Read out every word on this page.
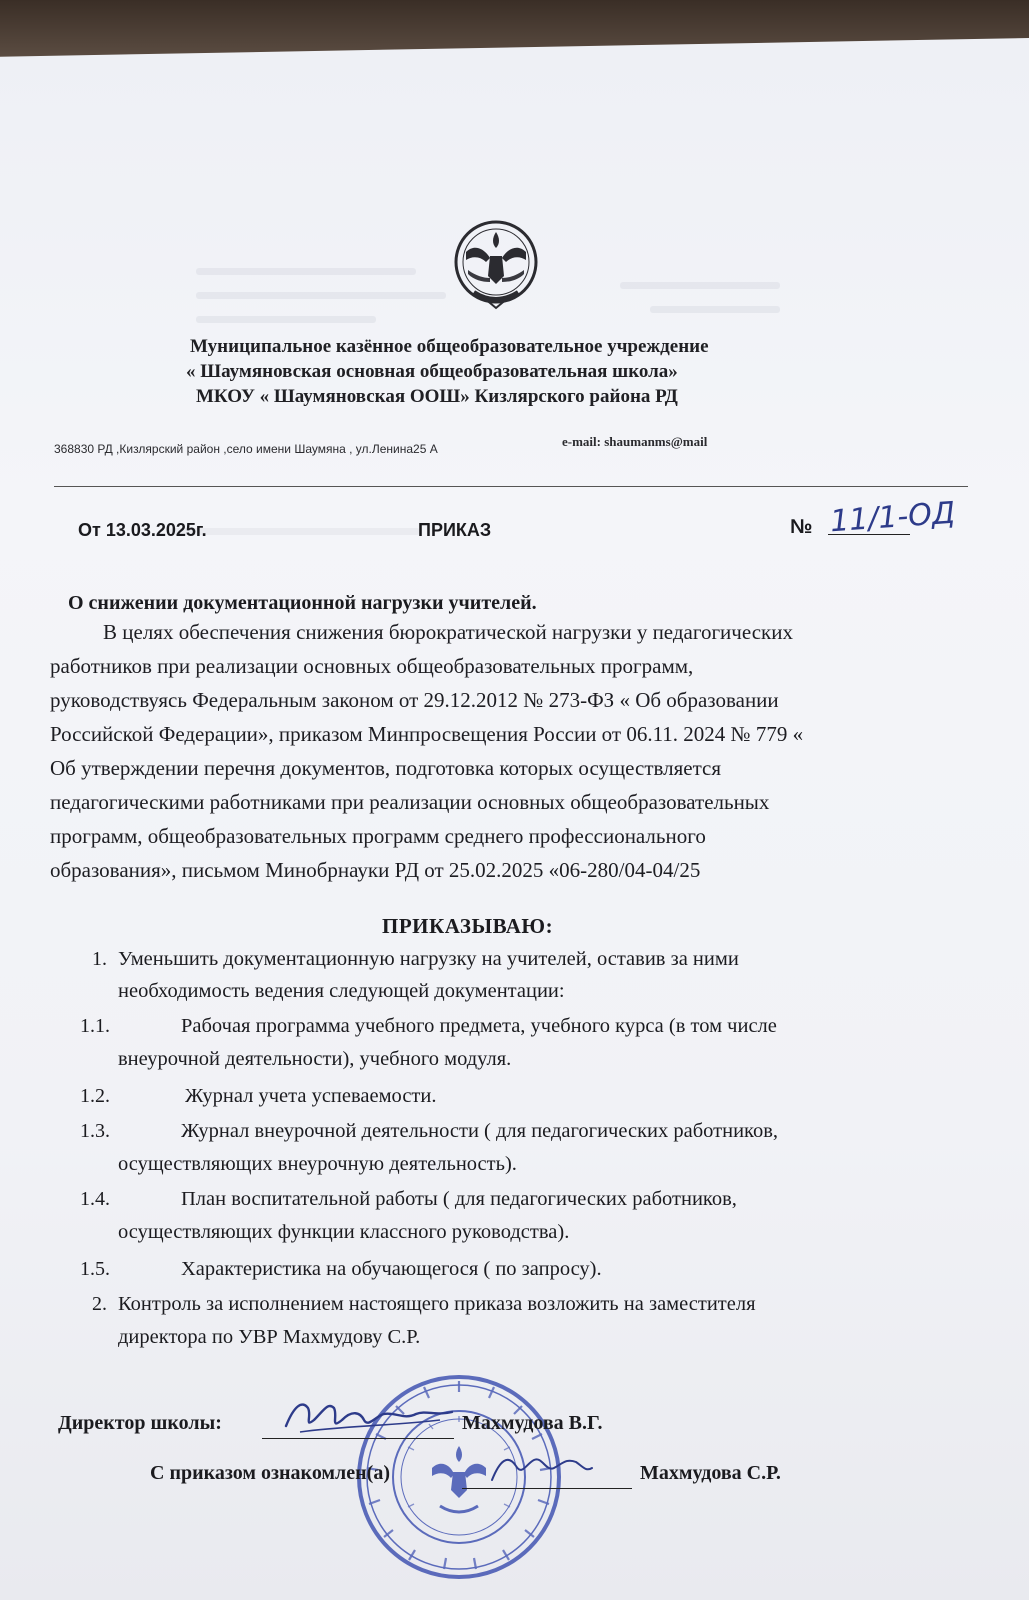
Муниципальное казённое общеобразовательное учреждение
« Шаумяновская основная общеобразовательная школа»
МКОУ « Шаумяновская ООШ» Кизлярского района РД
368830 РД ,Кизлярский район ,село имени Шаумяна , ул.Ленина25 А	e-mail: shaumanms@mail
От 13.03.2025г.	ПРИКАЗ	№ 11/1-ОД
О снижении документационной нагрузки учителей.
В целях обеспечения снижения бюрократической нагрузки у педагогических
работников при реализации основных общеобразовательных программ,
руководствуясь Федеральным законом от 29.12.2012 № 273-ФЗ « Об образовании
Российской Федерации», приказом Минпросвещения России от 06.11. 2024 № 779 «
Об утверждении перечня документов, подготовка которых осуществляется
педагогическими работниками при реализации основных общеобразовательных
программ, общеобразовательных программ среднего профессионального
образования», письмом Минобрнауки РД от 25.02.2025 «06-280/04-04/25
ПРИКАЗЫВАЮ:
1. Уменьшить документационную нагрузку на учителей, оставив за ними
необходимость ведения следующей документации:
1.1.	Рабочая программа учебного предмета, учебного курса (в том числе
внеурочной деятельности), учебного модуля.
1.2.	Журнал учета успеваемости.
1.3.	Журнал внеурочной деятельности ( для педагогических работников,
осуществляющих внеурочную деятельность).
1.4.	План воспитательной работы ( для педагогических работников,
осуществляющих функции классного руководства).
1.5.	Характеристика на обучающегося ( по запросу).
2. Контроль за исполнением настоящего приказа возложить на заместителя
директора по УВР Махмудову С.Р.
Директор школы:	Махмудова В.Г.
С приказом ознакомлен(а)	Махмудова С.Р.
